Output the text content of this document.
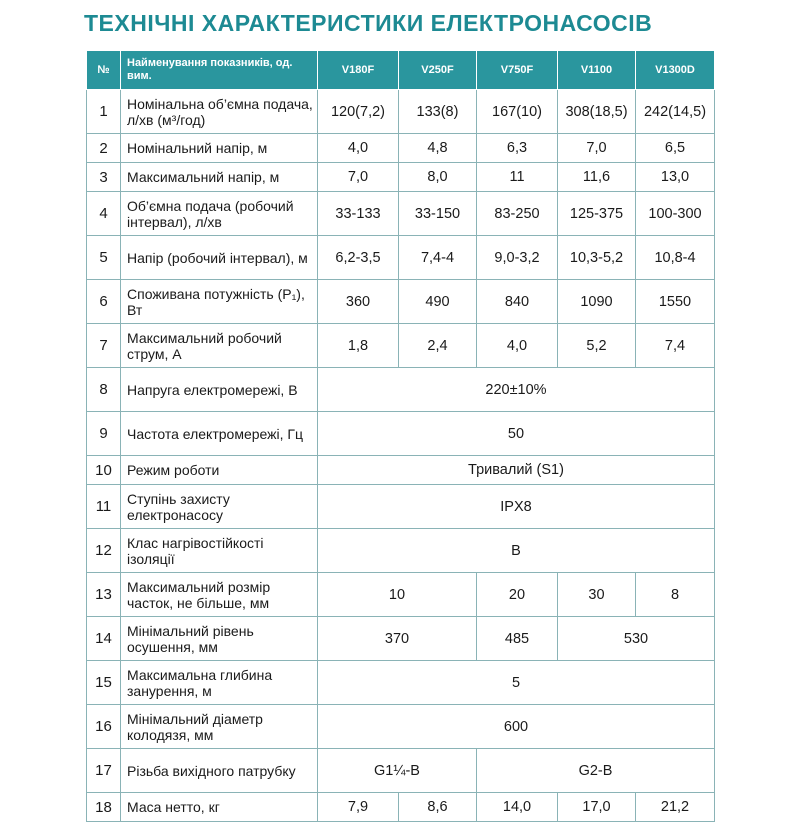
ТЕХНІЧНІ ХАРАКТЕРИСТИКИ ЕЛЕКТРОНАСОСІВ
№	Найменування показників, од. вим.	V180F	V250F	V750F	V1100	V1300D
1	Номінальна об’ємна подача, л/хв (м³/год)	120(7,2)	133(8)	167(10)	308(18,5)	242(14,5)
2	Номінальний напір, м	4,0	4,8	6,3	7,0	6,5
3	Максимальний напір, м	7,0	8,0	11	11,6	13,0
4	Об’ємна подача (робочий інтервал), л/хв	33-133	33-150	83-250	125-375	100-300
5	Напір (робочий інтервал), м	6,2-3,5	7,4-4	9,0-3,2	10,3-5,2	10,8-4
6	Споживана потужність (P₁), Вт	360	490	840	1090	1550
7	Максимальний робочий струм, А	1,8	2,4	4,0	5,2	7,4
8	Напруга електромережі, В	220±10%				
9	Частота електромережі, Гц	50				
10	Режим роботи	Тривалий (S1)				
11	Ступінь захисту електронасосу	IPX8				
12	Клас нагрівостійкості ізоляції	B				
13	Максимальний розмір часток, не більше, мм	10		20	30	8
14	Мінімальний рівень осушення, мм	370		485	530	
15	Максимальна глибина занурення, м	5				
16	Мінімальний діаметр колодязя, мм	600				
17	Різьба вихідного патрубку	G1¼-B		G2-B		
18	Маса нетто, кг	7,9	8,6	14,0	17,0	21,2
